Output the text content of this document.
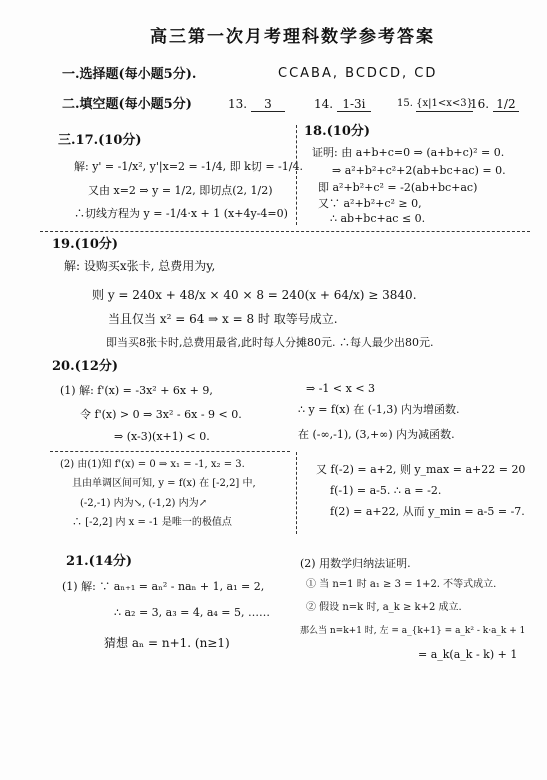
高三第一次月考理科数学参考答案
一.选择题(每小题5分).	CCABA, BCDCD, CD
二.填空题(每小题5分)	13. 3	14. 1-3i	15. {x|1<x<3}
16. 1/2
三.17.(10分)
解: y' = -1/x², y'|x=2 = -1/4, 即 k切 = -1/4.
又由 x=2 ⇒ y = 1/2, 即切点(2, 1/2)
∴切线方程为 y = -1/4·x + 1 (x+4y-4=0)
18.(10分)
证明: 由 a+b+c=0 ⇒ (a+b+c)² = 0.
⇒ a²+b²+c²+2(ab+bc+ac) = 0.
即 a²+b²+c² = -2(ab+bc+ac)
又∵ a²+b²+c² ≥ 0,
∴ ab+bc+ac ≤ 0.
19.(10分)
解: 设购买x张卡, 总费用为y,
则 y = 240x + 48/x × 40 × 8 = 240(x + 64/x) ≥ 3840.
当且仅当 x² = 64 ⇒ x = 8 时 取等号成立.
即当买8张卡时,总费用最省,此时每人分摊80元. ∴每人最少出80元.
20.(12分)
(1) 解: f'(x) = -3x² + 6x + 9,
令 f'(x) > 0 ⇒ 3x² - 6x - 9 < 0.
⇒ (x-3)(x+1) < 0.
⇒ -1 < x < 3
∴ y = f(x) 在 (-1,3) 内为增函数.
在 (-∞,-1), (3,+∞) 内为减函数.
(2) 由(1)知 f'(x) = 0 ⇒ x₁ = -1, x₂ = 3.
且由单调区间可知, y = f(x) 在 [-2,2] 中,
(-2,-1) 内为↘, (-1,2) 内为↗
∴ [-2,2] 内 x = -1 是唯一的极值点
又 f(-2) = a+2, 则 y_max = a+22 = 20
f(-1) = a-5. ∴ a = -2.
f(2) = a+22, 从而 y_min = a-5 = -7.
21.(14分)
(1) 解: ∵ aₙ₊₁ = aₙ² - naₙ + 1, a₁ = 2,
∴ a₂ = 3, a₃ = 4, a₄ = 5, ……
猜想 aₙ = n+1. (n≥1)
(2) 用数学归纳法证明.
① 当 n=1 时 a₁ ≥ 3 = 1+2. 不等式成立.
② 假设 n=k 时, a_k ≥ k+2 成立.
那么当 n=k+1 时, 左 = a_{k+1} = a_k² - k·a_k + 1
= a_k(a_k - k) + 1
